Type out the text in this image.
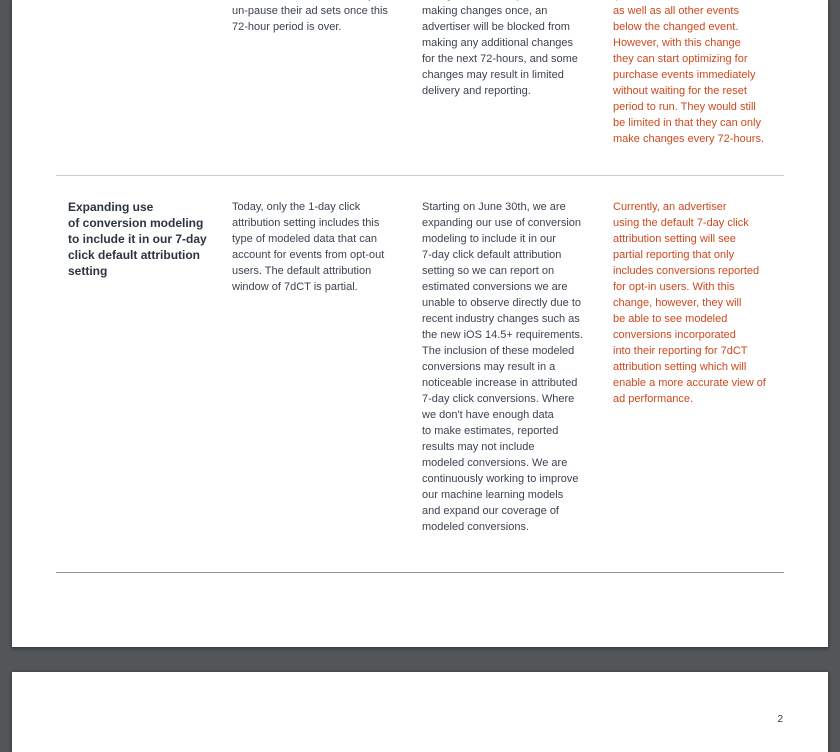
un-pause their ad sets once this
72-hour period is over.

making changes once, an
advertiser will be blocked from
making any additional changes
for the next 72-hours, and some
changes may result in limited
delivery and reporting.

as well as all other events
below the changed event.
However, with this change
they can start optimizing for
purchase events immediately
without waiting for the reset
period to run. They would still
be limited in that they can only
make changes every 72-hours.

Expanding use
of conversion modeling
to include it in our 7-day
click default attribution
setting

Today, only the 1-day click
attribution setting includes this
type of modeled data that can
account for events from opt-out
users. The default attribution
window of 7dCT is partial.

Starting on June 30th, we are
expanding our use of conversion
modeling to include it in our
7-day click default attribution
setting so we can report on
estimated conversions we are
unable to observe directly due to
recent industry changes such as
the new iOS 14.5+ requirements.
The inclusion of these modeled
conversions may result in a
noticeable increase in attributed
7-day click conversions. Where
we don't have enough data
to make estimates, reported
results may not include
modeled conversions. We are
continuously working to improve
our machine learning models
and expand our coverage of
modeled conversions.

Currently, an advertiser
using the default 7-day click
attribution setting will see
partial reporting that only
includes conversions reported
for opt-in users. With this
change, however, they will
be able to see modeled
conversions incorporated
into their reporting for 7dCT
attribution setting which will
enable a more accurate view of
ad performance.

2
